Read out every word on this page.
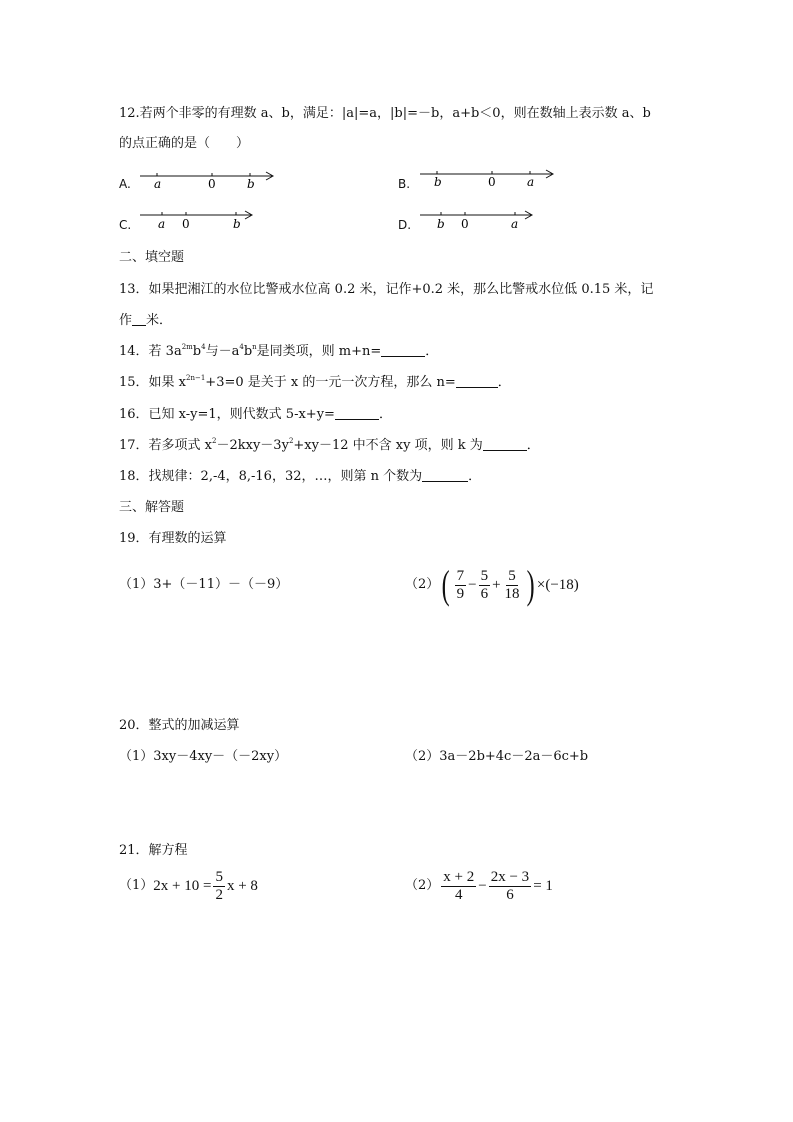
12.若两个非零的有理数 a、b，满足：|a|=a，|b|=－b，a+b＜0，则在数轴上表示数 a、b
的点正确的是（　　）
A. a	0	b	B. b	0	a
C. a 0	b	D. b 0	a
二、填空题
13．如果把湘江的水位比警戒水位高 0.2 米，记作+0.2 米，那么比警戒水位低 0.15 米，记
作 米．
14．若 $3a^{2m}b^4$与$-a^4b^n$是同类项，则 m+n=	．
15．如果 $x^{2n-1}+3=0$ 是关于 x 的一元一次方程，那么 n=	．
16．已知 x-y=1，则代数式 5-x+y=	．
17．若多项式 $x^2-2kxy-3y^2+xy-12$ 中不含 xy 项，则 k 为	．
18．找规律：2,-4，8,-16，32，…，则第 n 个数为	．
三、解答题
19．有理数的运算
（1）3+（－11）－（－9）	$(2)( \frac{7}{9} - \frac{5}{6} + \frac{5}{18}$ ) ×(−18)
20．整式的加减运算
（1）3xy－4xy－（－2xy）	（2）3a－2b+4c－2a－6c+b
21．解方程
$(1)2x + 10 = \frac{5}{2}$ x + 8	$(2) \frac{x + 2}{4} - \frac{2x - 3}{6} = 1$
